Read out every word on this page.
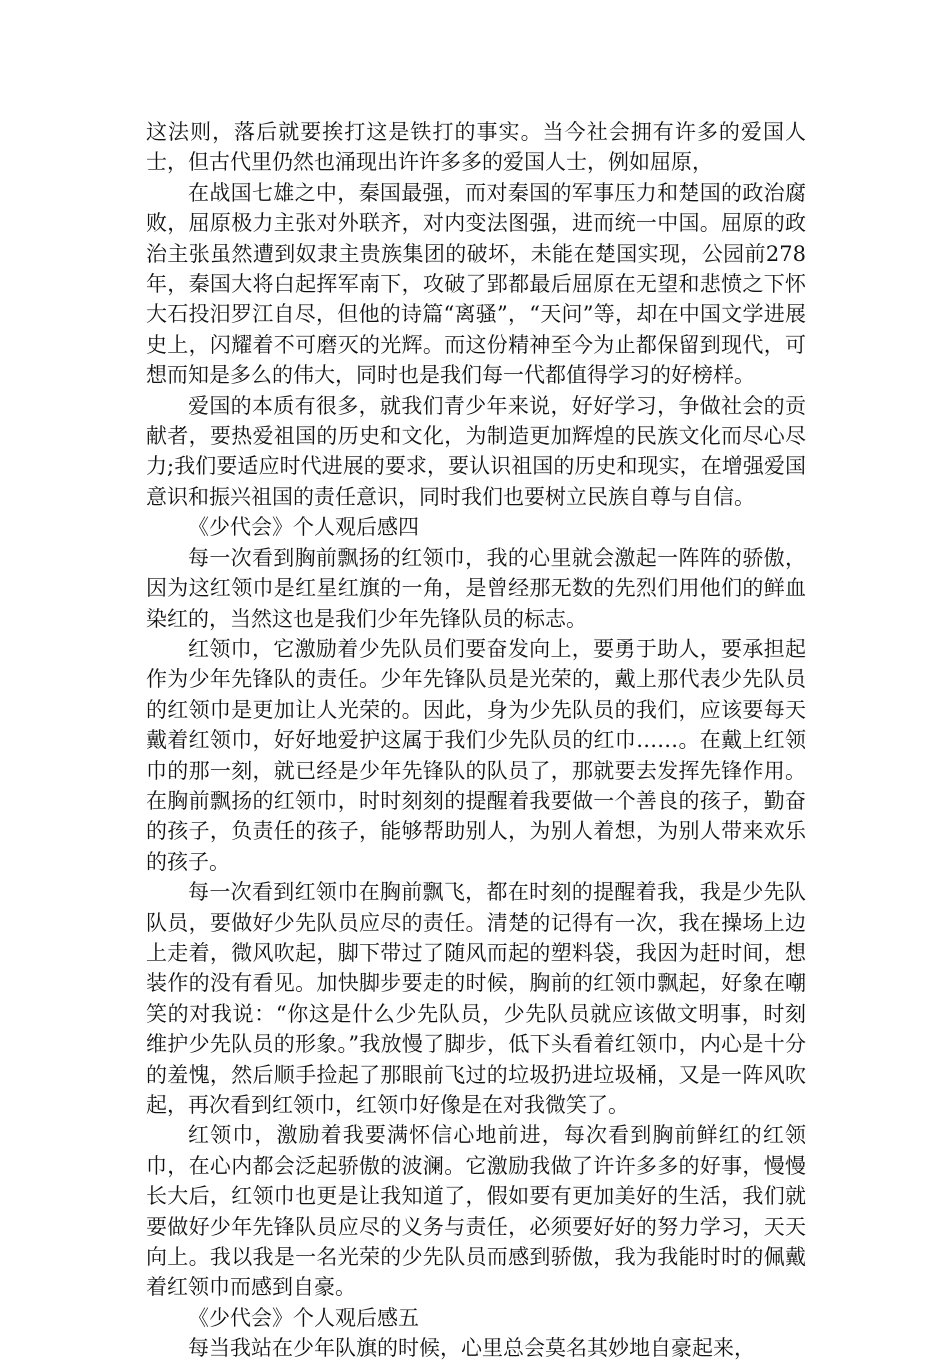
这法则，落后就要挨打这是铁打的事实。当今社会拥有许多的爱国人士，但古代里仍然也涌现出许许多多的爱国人士，例如屈原，

在战国七雄之中，秦国最强，而对秦国的军事压力和楚国的政治腐败，屈原极力主张对外联齐，对内变法图强，进而统一中国。屈原的政治主张虽然遭到奴隶主贵族集团的破坏，未能在楚国实现，公园前278年，秦国大将白起挥军南下，攻破了郢都最后屈原在无望和悲愤之下怀大石投汨罗江自尽，但他的诗篇“离骚”，“天问”等，却在中国文学进展史上，闪耀着不可磨灭的光辉。而这份精神至今为止都保留到现代，可想而知是多么的伟大，同时也是我们每一代都值得学习的好榜样。

爱国的本质有很多，就我们青少年来说，好好学习，争做社会的贡献者，要热爱祖国的历史和文化，为制造更加辉煌的民族文化而尽心尽力;我们要适应时代进展的要求，要认识祖国的历史和现实，在增强爱国意识和振兴祖国的责任意识，同时我们也要树立民族自尊与自信。

《少代会》个人观后感四

每一次看到胸前飘扬的红领巾，我的心里就会激起一阵阵的骄傲，因为这红领巾是红星红旗的一角，是曾经那无数的先烈们用他们的鲜血染红的，当然这也是我们少年先锋队员的标志。

红领巾，它激励着少先队员们要奋发向上，要勇于助人，要承担起作为少年先锋队的责任。少年先锋队员是光荣的，戴上那代表少先队员的红领巾是更加让人光荣的。因此，身为少先队员的我们，应该要每天戴着红领巾，好好地爱护这属于我们少先队员的红巾……。在戴上红领巾的那一刻，就已经是少年先锋队的队员了，那就要去发挥先锋作用。在胸前飘扬的红领巾，时时刻刻的提醒着我要做一个善良的孩子，勤奋的孩子，负责任的孩子，能够帮助别人，为别人着想，为别人带来欢乐的孩子。

每一次看到红领巾在胸前飘飞，都在时刻的提醒着我，我是少先队队员，要做好少先队员应尽的责任。清楚的记得有一次，我在操场上边上走着，微风吹起，脚下带过了随风而起的塑料袋，我因为赶时间，想装作的没有看见。加快脚步要走的时候，胸前的红领巾飘起，好象在嘲笑的对我说：“你这是什么少先队员，少先队员就应该做文明事，时刻维护少先队员的形象。”我放慢了脚步，低下头看着红领巾，内心是十分的羞愧，然后顺手捡起了那眼前飞过的垃圾扔进垃圾桶，又是一阵风吹起，再次看到红领巾，红领巾好像是在对我微笑了。

红领巾，激励着我要满怀信心地前进，每次看到胸前鲜红的红领巾，在心内都会泛起骄傲的波澜。它激励我做了许许多多的好事，慢慢长大后，红领巾也更是让我知道了，假如要有更加美好的生活，我们就要做好少年先锋队员应尽的义务与责任，必须要好好的努力学习，天天向上。我以我是一名光荣的少先队员而感到骄傲，我为我能时时的佩戴着红领巾而感到自豪。

《少代会》个人观后感五

每当我站在少年队旗的时候，心里总会莫名其妙地自豪起来，
